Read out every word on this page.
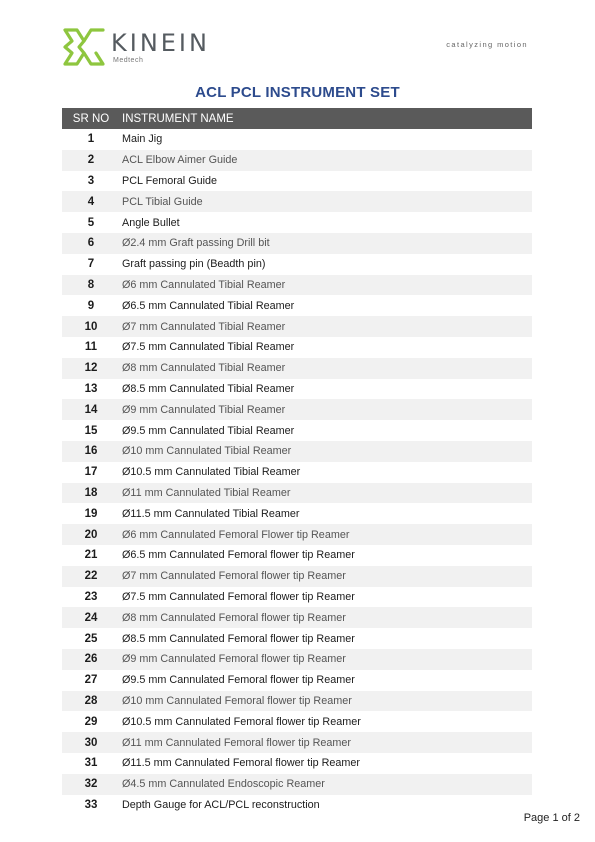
KINEIN
Medtech
catalyzing motion
ACL PCL INSTRUMENT SET
SR NO	INSTRUMENT NAME
1	Main Jig
2	ACL Elbow Aimer Guide
3	PCL Femoral Guide
4	PCL Tibial Guide
5	Angle Bullet
6	Ø2.4 mm Graft passing Drill bit
7	Graft passing pin (Beadth pin)
8	Ø6 mm Cannulated Tibial Reamer
9	Ø6.5 mm Cannulated Tibial Reamer
10	Ø7 mm Cannulated Tibial Reamer
11	Ø7.5 mm Cannulated Tibial Reamer
12	Ø8 mm Cannulated Tibial Reamer
13	Ø8.5 mm Cannulated Tibial Reamer
14	Ø9 mm Cannulated Tibial Reamer
15	Ø9.5 mm Cannulated Tibial Reamer
16	Ø10 mm Cannulated Tibial Reamer
17	Ø10.5 mm Cannulated Tibial Reamer
18	Ø11 mm Cannulated Tibial Reamer
19	Ø11.5 mm Cannulated Tibial Reamer
20	Ø6 mm Cannulated Femoral Flower tip Reamer
21	Ø6.5 mm Cannulated Femoral flower tip Reamer
22	Ø7 mm Cannulated Femoral flower tip Reamer
23	Ø7.5 mm Cannulated Femoral flower tip Reamer
24	Ø8 mm Cannulated Femoral flower tip Reamer
25	Ø8.5 mm Cannulated Femoral flower tip Reamer
26	Ø9 mm Cannulated Femoral flower tip Reamer
27	Ø9.5 mm Cannulated Femoral flower tip Reamer
28	Ø10 mm Cannulated Femoral flower tip Reamer
29	Ø10.5 mm Cannulated Femoral flower tip Reamer
30	Ø11 mm Cannulated Femoral flower tip Reamer
31	Ø11.5 mm Cannulated Femoral flower tip Reamer
32	Ø4.5 mm Cannulated Endoscopic Reamer
33	Depth Gauge for ACL/PCL reconstruction
Page 1 of 2
